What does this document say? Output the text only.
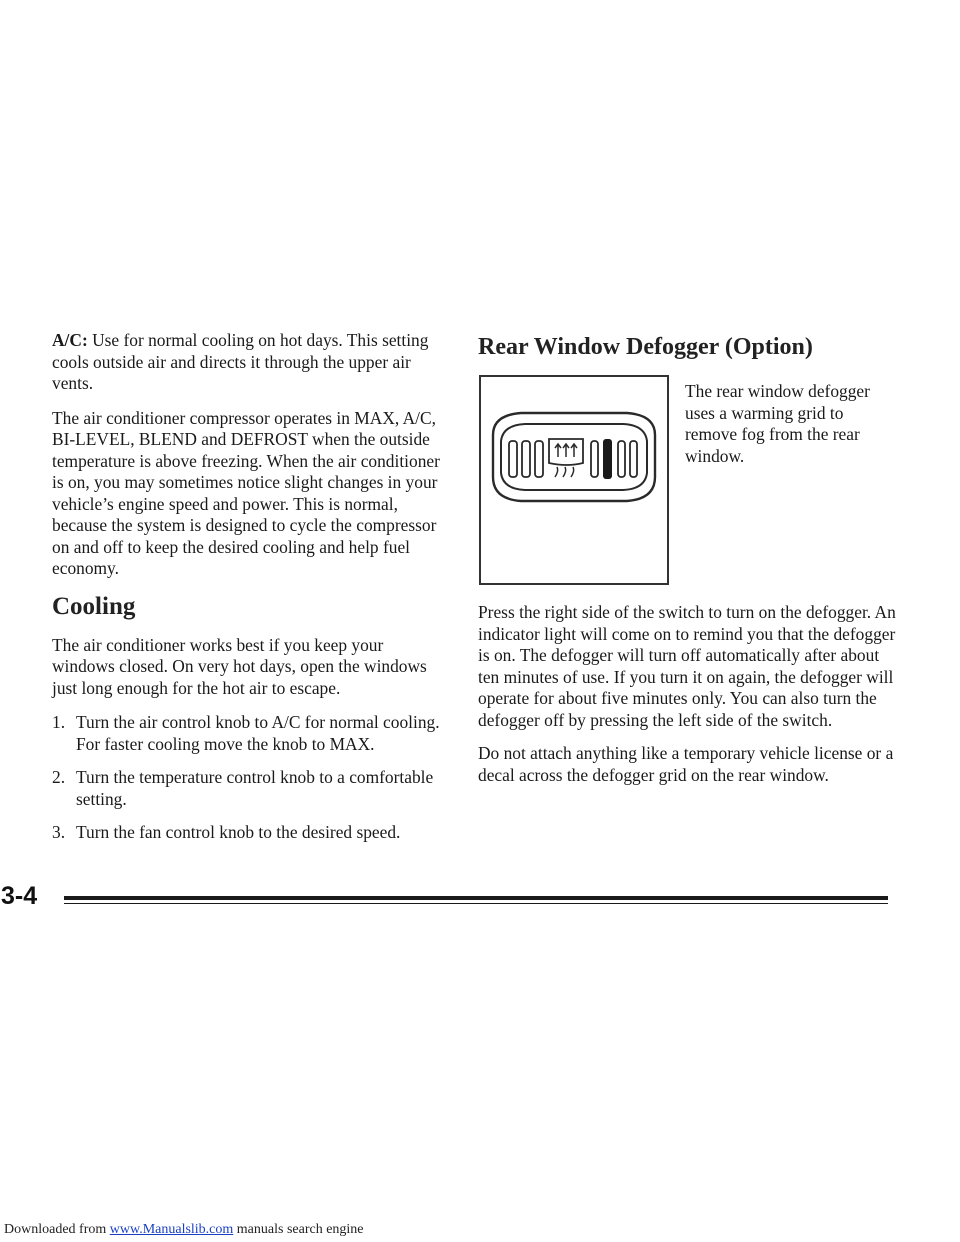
A/C: Use for normal cooling on hot days. This setting cools outside air and directs it through the upper air vents.

The air conditioner compressor operates in MAX, A/C, BI-LEVEL, BLEND and DEFROST when the outside temperature is above freezing. When the air conditioner is on, you may sometimes notice slight changes in your vehicle’s engine speed and power. This is normal, because the system is designed to cycle the compressor on and off to keep the desired cooling and help fuel economy.

Cooling

The air conditioner works best if you keep your windows closed. On very hot days, open the windows just long enough for the hot air to escape.

1. Turn the air control knob to A/C for normal cooling. For faster cooling move the knob to MAX.
2. Turn the temperature control knob to a comfortable setting.
3. Turn the fan control knob to the desired speed.
Rear Window Defogger (Option)

The rear window defogger uses a warming grid to remove fog from the rear window.

Press the right side of the switch to turn on the defogger. An indicator light will come on to remind you that the defogger is on. The defogger will turn off automatically after about ten minutes of use. If you turn it on again, the defogger will operate for about five minutes only. You can also turn the defogger off by pressing the left side of the switch.

Do not attach anything like a temporary vehicle license or a decal across the defogger grid on the rear window.

3-4
Downloaded from www.Manualslib.com manuals search engine
